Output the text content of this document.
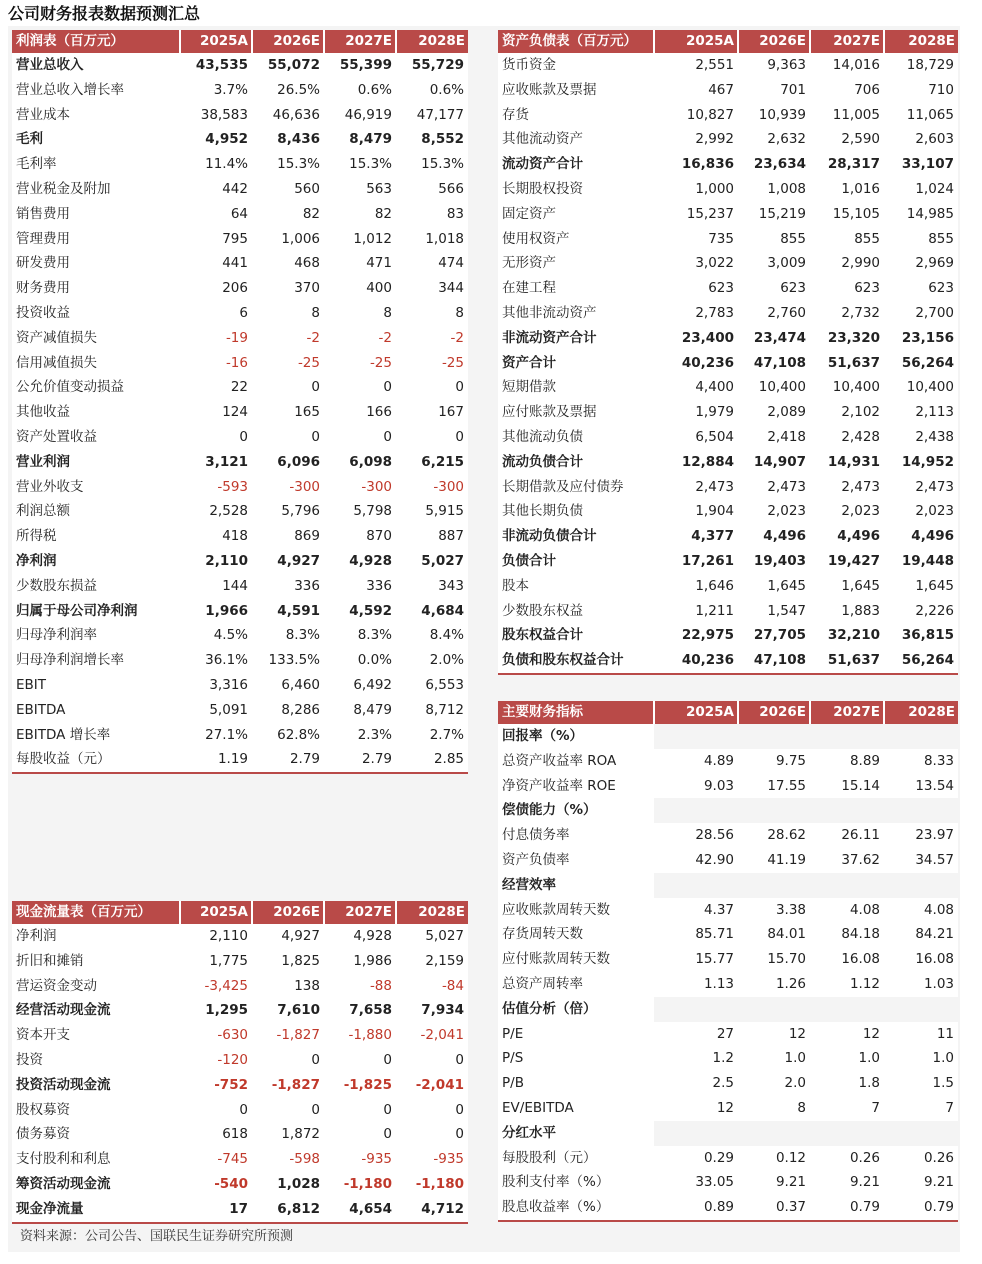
公司财务报表数据预测汇总
利润表（百万元）	2025A	2026E	2027E	2028E
营业总收入	43,535	55,072	55,399	55,729
营业总收入增长率	3.7%	26.5%	0.6%	0.6%
营业成本	38,583	46,636	46,919	47,177
毛利	4,952	8,436	8,479	8,552
毛利率	11.4%	15.3%	15.3%	15.3%
营业税金及附加	442	560	563	566
销售费用	64	82	82	83
管理费用	795	1,006	1,012	1,018
研发费用	441	468	471	474
财务费用	206	370	400	344
投资收益	6	8	8	8
资产减值损失	-19	-2	-2	-2
信用减值损失	-16	-25	-25	-25
公允价值变动损益	22	0	0	0
其他收益	124	165	166	167
资产处置收益	0	0	0	0
营业利润	3,121	6,096	6,098	6,215
营业外收支	-593	-300	-300	-300
利润总额	2,528	5,796	5,798	5,915
所得税	418	869	870	887
净利润	2,110	4,927	4,928	5,027
少数股东损益	144	336	336	343
归属于母公司净利润	1,966	4,591	4,592	4,684
归母净利润率	4.5%	8.3%	8.3%	8.4%
归母净利润增长率	36.1%	133.5%	0.0%	2.0%
EBIT	3,316	6,460	6,492	6,553
EBITDA	5,091	8,286	8,479	8,712
EBITDA 增长率	27.1%	62.8%	2.3%	2.7%
每股收益（元）	1.19	2.79	2.79	2.85
资产负债表（百万元）	2025A	2026E	2027E	2028E
货币资金	2,551	9,363	14,016	18,729
应收账款及票据	467	701	706	710
存货	10,827	10,939	11,005	11,065
其他流动资产	2,992	2,632	2,590	2,603
流动资产合计	16,836	23,634	28,317	33,107
长期股权投资	1,000	1,008	1,016	1,024
固定资产	15,237	15,219	15,105	14,985
使用权资产	735	855	855	855
无形资产	3,022	3,009	2,990	2,969
在建工程	623	623	623	623
其他非流动资产	2,783	2,760	2,732	2,700
非流动资产合计	23,400	23,474	23,320	23,156
资产合计	40,236	47,108	51,637	56,264
短期借款	4,400	10,400	10,400	10,400
应付账款及票据	1,979	2,089	2,102	2,113
其他流动负债	6,504	2,418	2,428	2,438
流动负债合计	12,884	14,907	14,931	14,952
长期借款及应付债券	2,473	2,473	2,473	2,473
其他长期负债	1,904	2,023	2,023	2,023
非流动负债合计	4,377	4,496	4,496	4,496
负债合计	17,261	19,403	19,427	19,448
股本	1,646	1,645	1,645	1,645
少数股东权益	1,211	1,547	1,883	2,226
股东权益合计	22,975	27,705	32,210	36,815
负债和股东权益合计	40,236	47,108	51,637	56,264
现金流量表（百万元）	2025A	2026E	2027E	2028E
净利润	2,110	4,927	4,928	5,027
折旧和摊销	1,775	1,825	1,986	2,159
营运资金变动	-3,425	138	-88	-84
经营活动现金流	1,295	7,610	7,658	7,934
资本开支	-630	-1,827	-1,880	-2,041
投资	-120	0	0	0
投资活动现金流	-752	-1,827	-1,825	-2,041
股权募资	0	0	0	0
债务募资	618	1,872	0	0
支付股利和利息	-745	-598	-935	-935
筹资活动现金流	-540	1,028	-1,180	-1,180
现金净流量	17	6,812	4,654	4,712
主要财务指标	2025A	2026E	2027E	2028E
回报率（%）				
总资产收益率 ROA	4.89	9.75	8.89	8.33
净资产收益率 ROE	9.03	17.55	15.14	13.54
偿债能力（%）				
付息债务率	28.56	28.62	26.11	23.97
资产负债率	42.90	41.19	37.62	34.57
经营效率				
应收账款周转天数	4.37	3.38	4.08	4.08
存货周转天数	85.71	84.01	84.18	84.21
应付账款周转天数	15.77	15.70	16.08	16.08
总资产周转率	1.13	1.26	1.12	1.03
估值分析（倍）				
P/E	27	12	12	11
P/S	1.2	1.0	1.0	1.0
P/B	2.5	2.0	1.8	1.5
EV/EBITDA	12	8	7	7
分红水平				
每股股利（元）	0.29	0.12	0.26	0.26
股利支付率（%）	33.05	9.21	9.21	9.21
股息收益率（%）	0.89	0.37	0.79	0.79
资料来源：公司公告、国联民生证券研究所预测
